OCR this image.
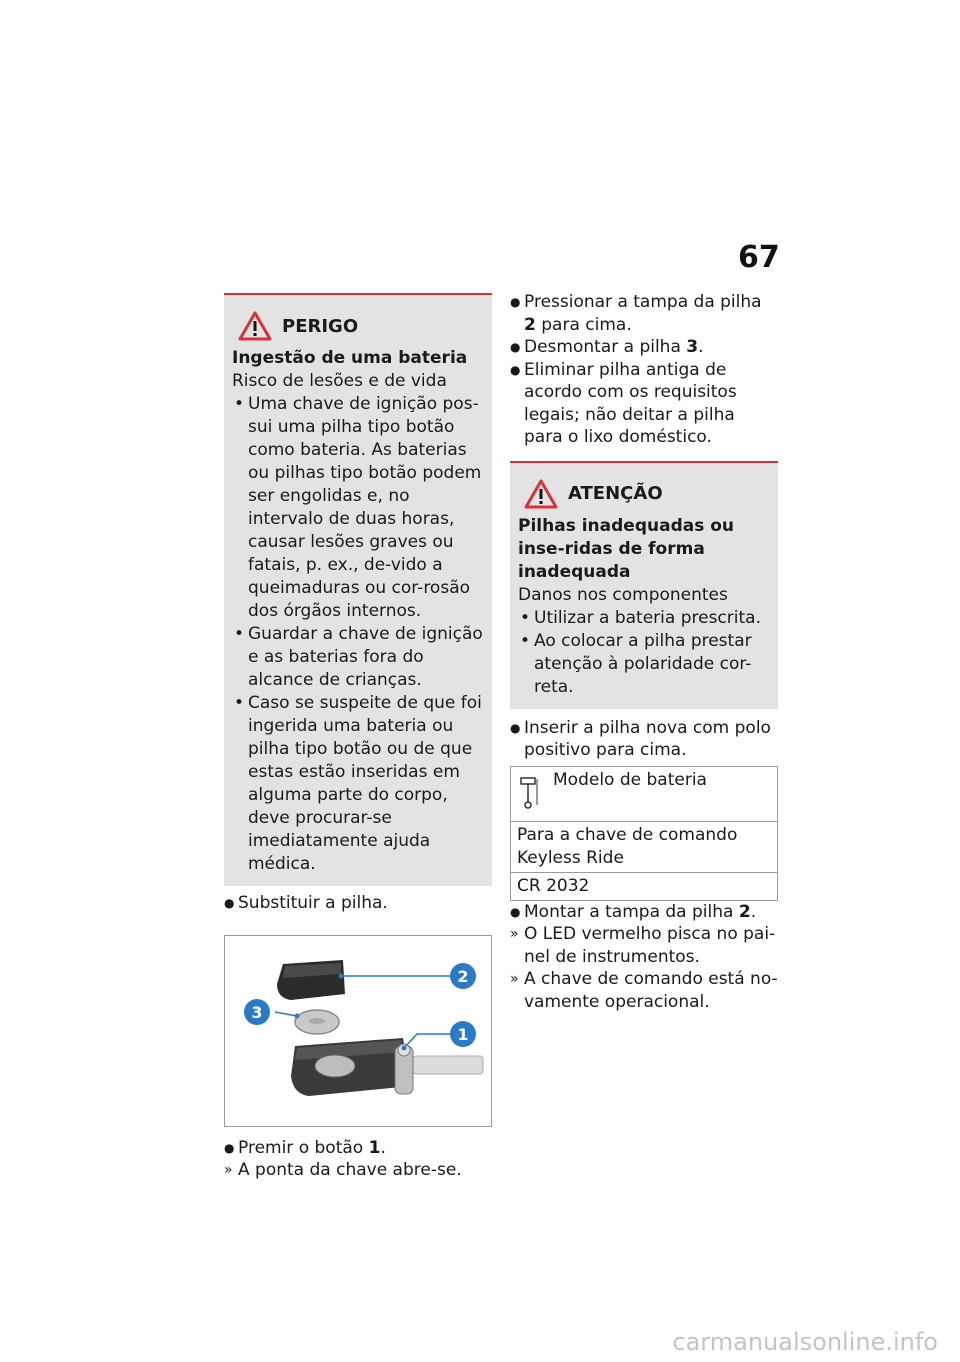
67
PERIGO
Ingestão de uma bateria
Risco de lesões e de vida
• Uma chave de ignição pos-sui uma pilha tipo botão como bateria. As baterias ou pilhas tipo botão podem ser engolidas e, no intervalo de duas horas, causar lesões graves ou fatais, p. ex., de-vido a queimaduras ou cor-rosão dos órgãos internos.
• Guardar a chave de ignição e as baterias fora do alcance de crianças.
• Caso se suspeite de que foi ingerida uma bateria ou pilha tipo botão ou de que estas estão inseridas em alguma parte do corpo, deve procurar-se imediatamente ajuda médica.
● Substituir a pilha.
2
3
1
● Premir o botão 1.
» A ponta da chave abre-se.
● Pressionar a tampa da pilha 2 para cima.
● Desmontar a pilha 3.
● Eliminar pilha antiga de acordo com os requisitos legais; não deitar a pilha para o lixo doméstico.
ATENÇÃO
Pilhas inadequadas ou inse-ridas de forma inadequada
Danos nos componentes
• Utilizar a bateria prescrita.
• Ao colocar a pilha prestar atenção à polaridade cor-reta.
● Inserir a pilha nova com polo positivo para cima.
Modelo de bateria

Para a chave de comando Keyless Ride
CR 2032
● Montar a tampa da pilha 2.
» O LED vermelho pisca no pai-nel de instrumentos.
» A chave de comando está no-vamente operacional.
carmanualsonline.info
